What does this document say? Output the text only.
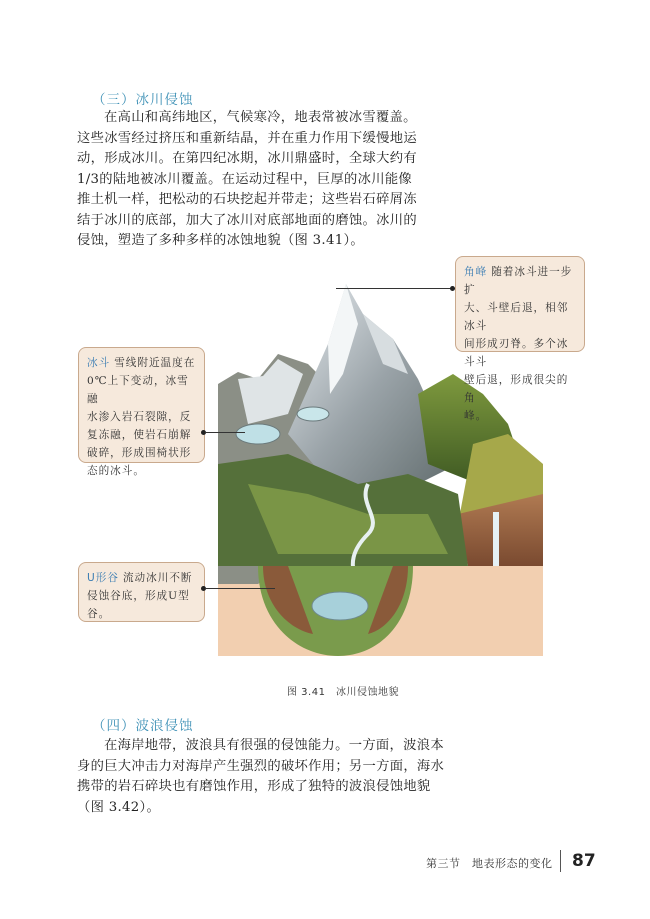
（三）冰川侵蚀
在高山和高纬地区，气候寒冷，地表常被冰雪覆盖。
这些冰雪经过挤压和重新结晶，并在重力作用下缓慢地运
动，形成冰川。在第四纪冰期，冰川鼎盛时，全球大约有
1/3的陆地被冰川覆盖。在运动过程中，巨厚的冰川能像
推土机一样，把松动的石块挖起并带走；这些岩石碎屑冻
结于冰川的底部，加大了冰川对底部地面的磨蚀。冰川的
侵蚀，塑造了多种多样的冰蚀地貌（图 3.41）。
角峰 随着冰斗进一步扩
大、斗壁后退，相邻冰斗
间形成刃脊。多个冰斗斗
壁后退，形成很尖的角
峰。
冰斗 雪线附近温度在
0℃上下变动，冰雪融
水渗入岩石裂隙，反
复冻融，使岩石崩解
破碎，形成围椅状形
态的冰斗。
U形谷 流动冰川不断
侵蚀谷底，形成U型
谷。
图 3.41　冰川侵蚀地貌
（四）波浪侵蚀
在海岸地带，波浪具有很强的侵蚀能力。一方面，波浪本
身的巨大冲击力对海岸产生强烈的破坏作用；另一方面，海水
携带的岩石碎块也有磨蚀作用，形成了独特的波浪侵蚀地貌
（图 3.42）。
第三节　地表形态的变化 87
